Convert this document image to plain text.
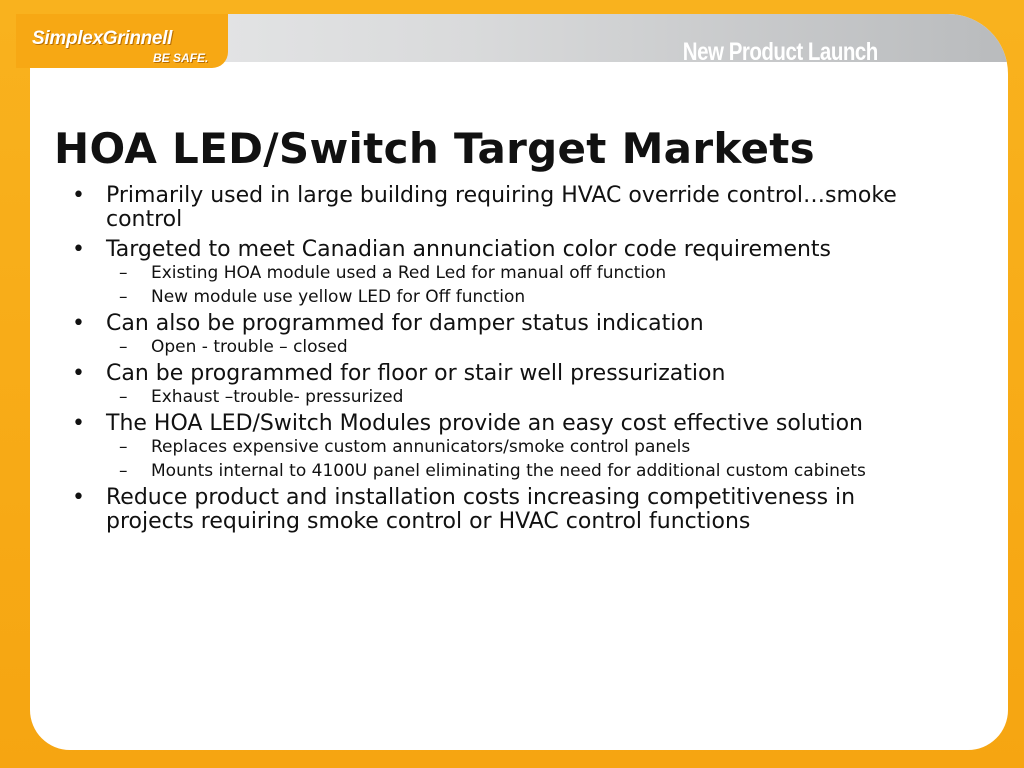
New Product Launch
HOA LED/Switch Target Markets
• Primarily used in large building requiring HVAC override control…smoke control
• Targeted to meet Canadian annunciation color code requirements
– Existing HOA module used a Red Led for manual off function
– New module use yellow LED for Off function
• Can also be programmed for damper status indication
– Open - trouble – closed
• Can be programmed for floor or stair well pressurization
– Exhaust –trouble- pressurized
• The HOA LED/Switch Modules provide an easy cost effective solution
– Replaces expensive custom annunicators/smoke control panels
– Mounts internal to 4100U panel eliminating the need for additional custom cabinets
• Reduce product and installation costs increasing competitiveness in projects requiring smoke control or HVAC control functions
SimplexGrinnell
BE SAFE.
